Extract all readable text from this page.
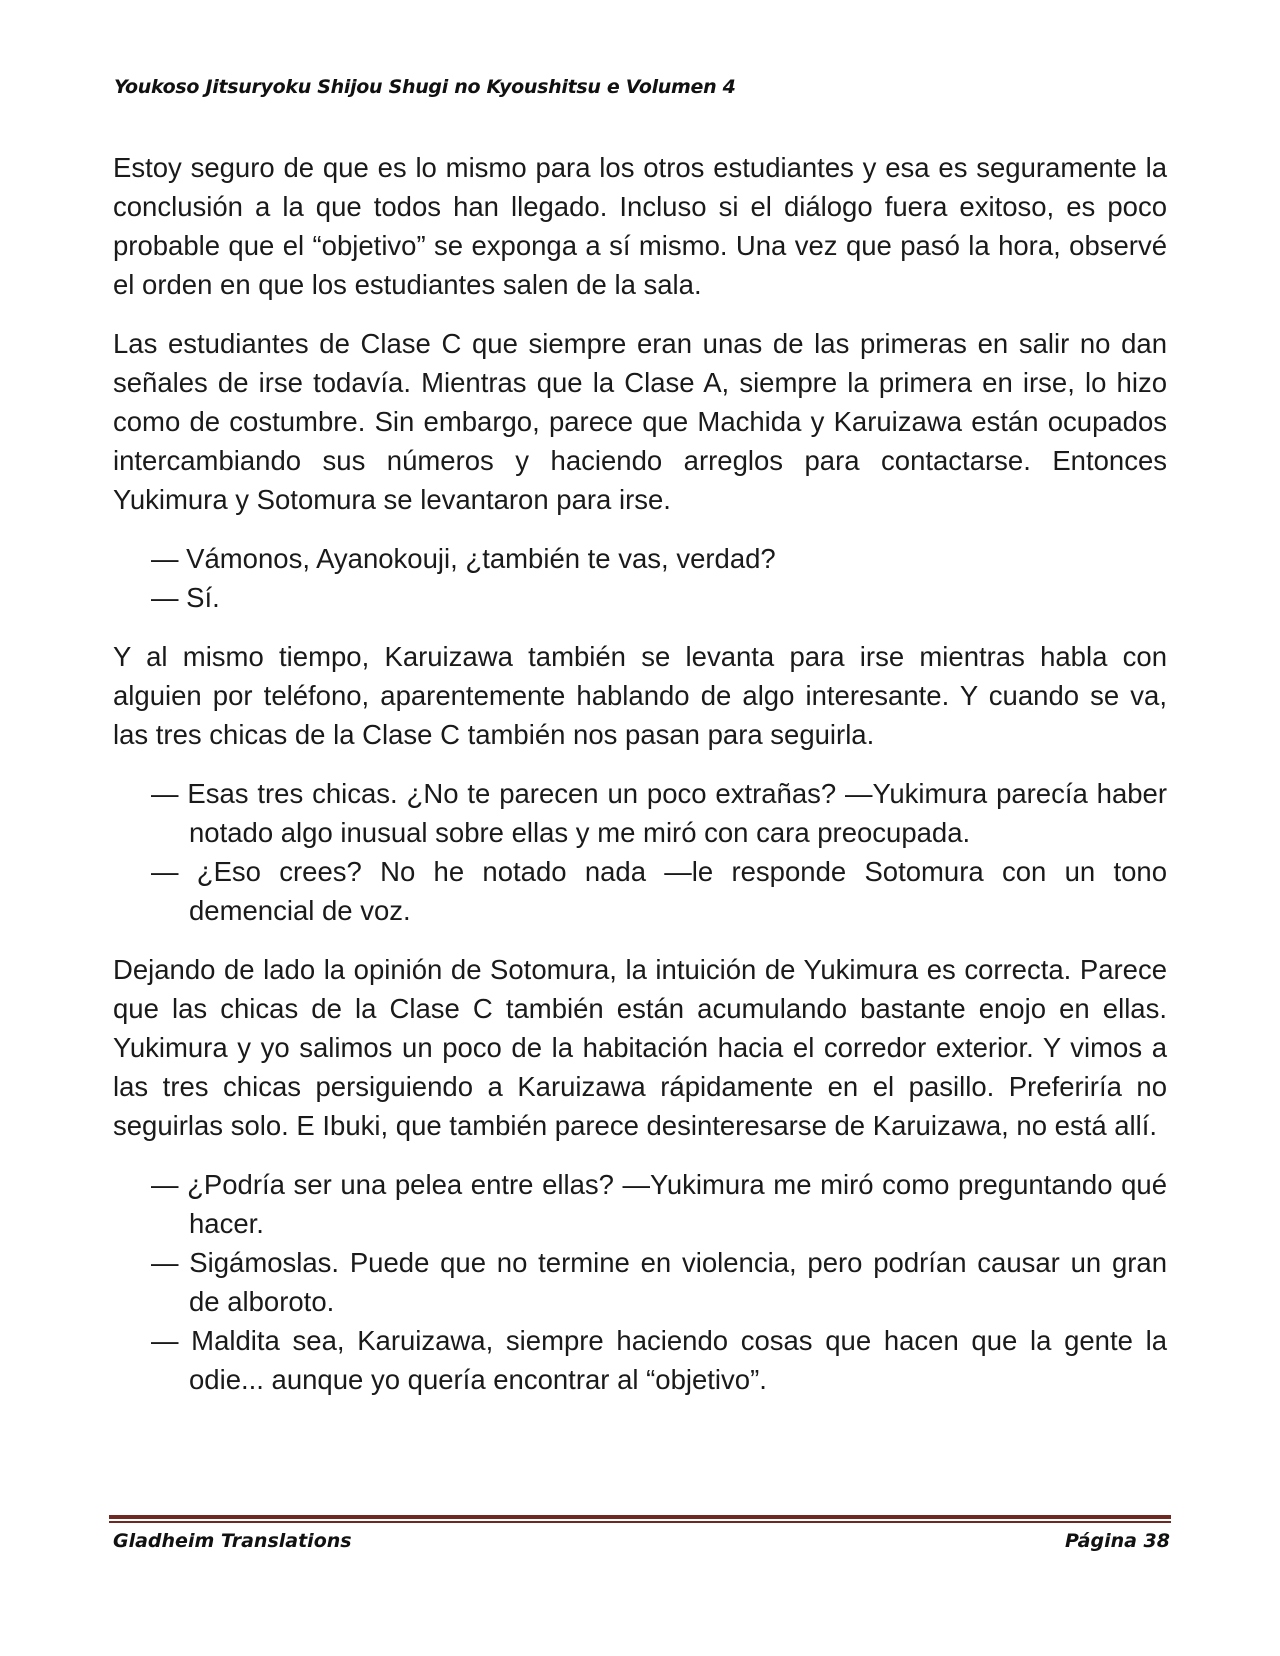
Youkoso Jitsuryoku Shijou Shugi no Kyoushitsu e Volumen 4

Estoy seguro de que es lo mismo para los otros estudiantes y esa es seguramente la conclusión a la que todos han llegado. Incluso si el diálogo fuera exitoso, es poco probable que el “objetivo” se exponga a sí mismo. Una vez que pasó la hora, observé el orden en que los estudiantes salen de la sala.

Las estudiantes de Clase C que siempre eran unas de las primeras en salir no dan señales de irse todavía. Mientras que la Clase A, siempre la primera en irse, lo hizo como de costumbre. Sin embargo, parece que Machida y Karuizawa están ocupados intercambiando sus números y haciendo arreglos para contactarse. Entonces Yukimura y Sotomura se levantaron para irse.

— Vámonos, Ayanokouji, ¿también te vas, verdad?

— Sí.

Y al mismo tiempo, Karuizawa también se levanta para irse mientras habla con alguien por teléfono, aparentemente hablando de algo interesante. Y cuando se va, las tres chicas de la Clase C también nos pasan para seguirla.

— Esas tres chicas. ¿No te parecen un poco extrañas? —Yukimura parecía haber notado algo inusual sobre ellas y me miró con cara preocupada.

— ¿Eso crees? No he notado nada —le responde Sotomura con un tono demencial de voz.

Dejando de lado la opinión de Sotomura, la intuición de Yukimura es correcta. Parece que las chicas de la Clase C también están acumulando bastante enojo en ellas. Yukimura y yo salimos un poco de la habitación hacia el corredor exterior. Y vimos a las tres chicas persiguiendo a Karuizawa rápidamente en el pasillo. Preferiría no seguirlas solo. E Ibuki, que también parece desinteresarse de Karuizawa, no está allí.

— ¿Podría ser una pelea entre ellas? —Yukimura me miró como preguntando qué hacer.

— Sigámoslas. Puede que no termine en violencia, pero podrían causar un gran de alboroto.

— Maldita sea, Karuizawa, siempre haciendo cosas que hacen que la gente la odie... aunque yo quería encontrar al “objetivo”.

Gladheim Translations	Página 38
